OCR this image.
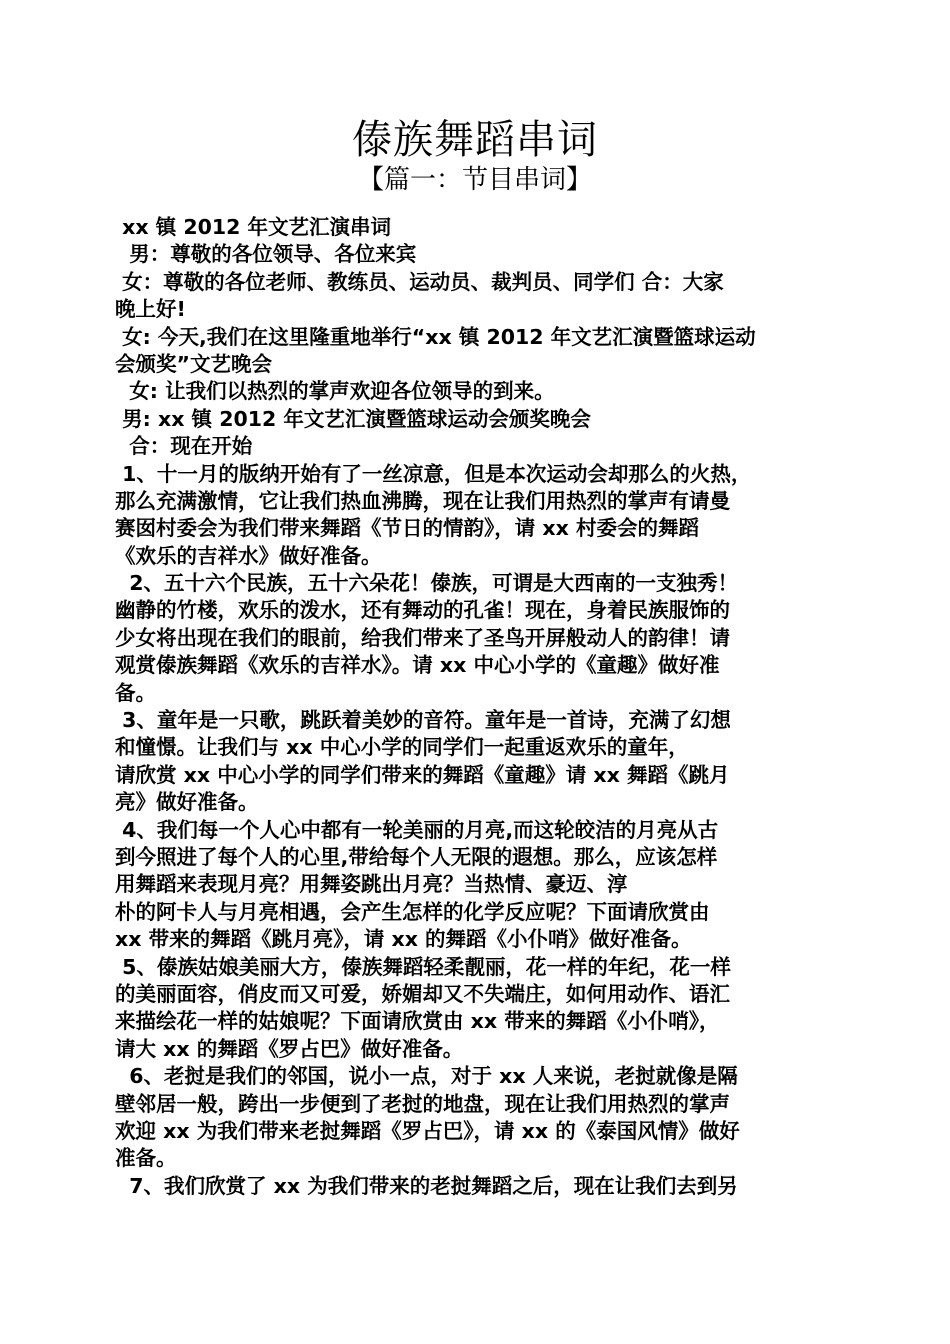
傣族舞蹈串词
【篇一：节目串词】
xx 镇 2012 年文艺汇演串词
男：尊敬的各位领导、各位来宾
女：尊敬的各位老师、教练员、运动员、裁判员、同学们 合：大家
晚上好!
女: 今天,我们在这里隆重地举行“xx 镇 2012 年文艺汇演暨篮球运动
会颁奖”文艺晚会
女: 让我们以热烈的掌声欢迎各位领导的到来。
男: xx 镇 2012 年文艺汇演暨篮球运动会颁奖晚会
合：现在开始
1、十一月的版纳开始有了一丝凉意，但是本次运动会却那么的火热，
那么充满激情，它让我们热血沸腾，现在让我们用热烈的掌声有请曼
赛囡村委会为我们带来舞蹈《节日的情韵》，请 xx 村委会的舞蹈
《欢乐的吉祥水》做好准备。
2、五十六个民族，五十六朵花！傣族，可谓是大西南的一支独秀！
幽静的竹楼，欢乐的泼水，还有舞动的孔雀！现在，身着民族服饰的
少女将出现在我们的眼前，给我们带来了圣鸟开屏般动人的韵律！请
观赏傣族舞蹈《欢乐的吉祥水》。请 xx 中心小学的《童趣》做好准
备。
3、童年是一只歌，跳跃着美妙的音符。童年是一首诗，充满了幻想
和憧憬。让我们与 xx 中心小学的同学们一起重返欢乐的童年，
请欣赏 xx 中心小学的同学们带来的舞蹈《童趣》请 xx 舞蹈《跳月
亮》做好准备。
4、我们每一个人心中都有一轮美丽的月亮,而这轮皎洁的月亮从古
到今照进了每个人的心里,带给每个人无限的遐想。那么，应该怎样
用舞蹈来表现月亮？用舞姿跳出月亮？当热情、豪迈、淳
朴的阿卡人与月亮相遇，会产生怎样的化学反应呢？下面请欣赏由
xx 带来的舞蹈《跳月亮》，请 xx 的舞蹈《小仆哨》做好准备。
5、傣族姑娘美丽大方，傣族舞蹈轻柔靓丽，花一样的年纪，花一样
的美丽面容，俏皮而又可爱，娇媚却又不失端庄，如何用动作、语汇
来描绘花一样的姑娘呢？下面请欣赏由 xx 带来的舞蹈《小仆哨》，
请大 xx 的舞蹈《罗占巴》做好准备。
6、老挝是我们的邻国，说小一点，对于 xx 人来说，老挝就像是隔
壁邻居一般，跨出一步便到了老挝的地盘，现在让我们用热烈的掌声
欢迎 xx 为我们带来老挝舞蹈《罗占巴》，请 xx 的《泰国风情》做好
准备。
7、我们欣赏了 xx 为我们带来的老挝舞蹈之后，现在让我们去到另
